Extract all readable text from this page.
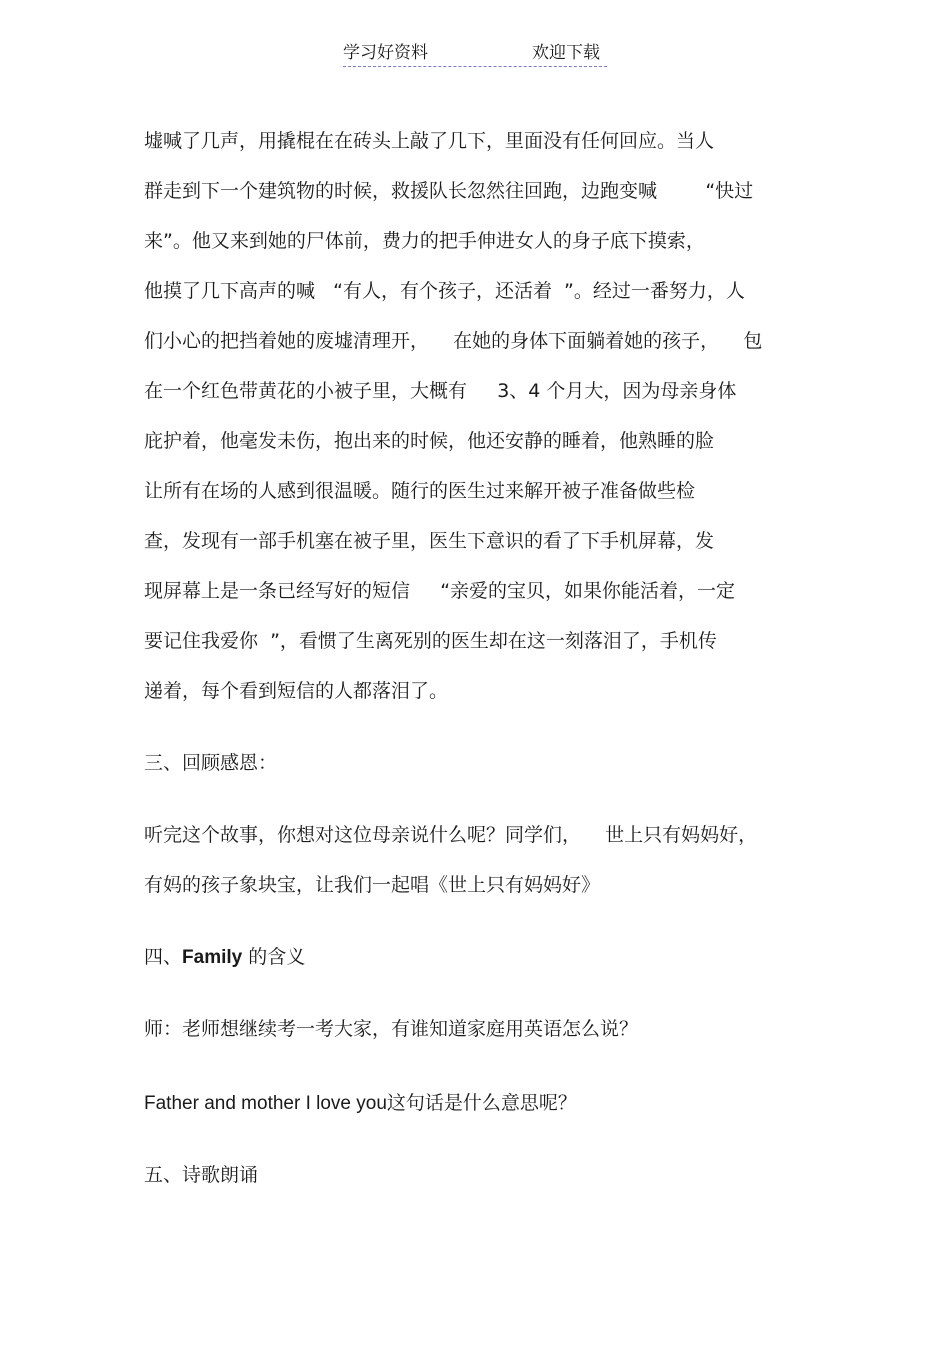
学习好资料	欢迎下载
墟喊了几声，用撬棍在在砖头上敲了几下，里面没有任何回应。当人
群走到下一个建筑物的时候，救援队长忽然往回跑，边跑变喊        “快过
来”。他又来到她的尸体前，费力的把手伸进女人的身子底下摸索，
他摸了几下高声的喊   “有人，有个孩子，还活着  ”。经过一番努力，人
们小心的把挡着她的废墟清理开，    在她的身体下面躺着她的孩子，    包
在一个红色带黄花的小被子里，大概有     3、4 个月大，因为母亲身体
庇护着，他毫发未伤，抱出来的时候，他还安静的睡着，他熟睡的脸
让所有在场的人感到很温暖。随行的医生过来解开被子准备做些检
查，发现有一部手机塞在被子里，医生下意识的看了下手机屏幕，发
现屏幕上是一条已经写好的短信     “亲爱的宝贝，如果你能活着，一定
要记住我爱你  ”，看惯了生离死别的医生却在这一刻落泪了，手机传
递着，每个看到短信的人都落泪了。
三、回顾感恩：
听完这个故事，你想对这位母亲说什么呢？同学们，    世上只有妈妈好，
有妈的孩子象块宝，让我们一起唱《世上只有妈妈好》
四、Family 的含义
师：老师想继续考一考大家，有谁知道家庭用英语怎么说？
Father and mother I love you这句话是什么意思呢？
五、诗歌朗诵
